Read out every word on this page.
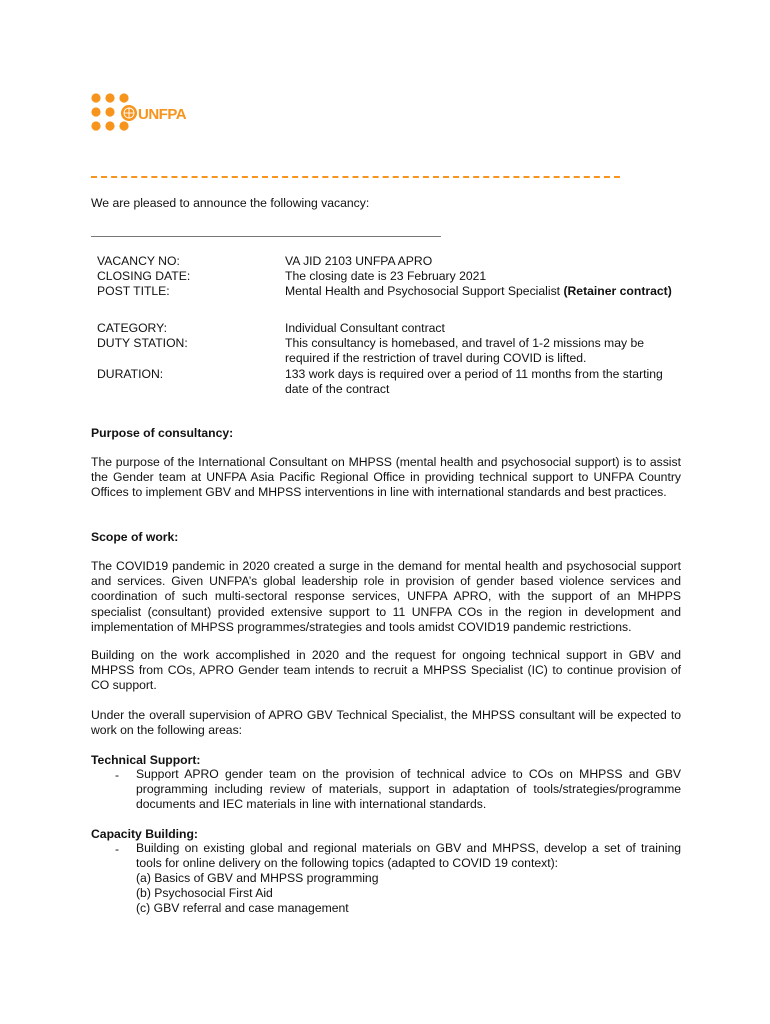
UNFPA
We are pleased to announce the following vacancy:
VACANCY NO:	VA JID 2103 UNFPA APRO
CLOSING DATE:	The closing date is 23 February 2021
POST TITLE:	Mental Health and Psychosocial Support Specialist (Retainer contract)
CATEGORY:	Individual Consultant contract
DUTY STATION:	This consultancy is homebased, and travel of 1-2 missions may be required if the restriction of travel during COVID is lifted.
DURATION:	133 work days is required over a period of 11 months from the starting date of the contract
Purpose of consultancy:
The purpose of the International Consultant on MHPSS (mental health and psychosocial support) is to assist the Gender team at UNFPA Asia Pacific Regional Office in providing technical support to UNFPA Country Offices to implement GBV and MHPSS interventions in line with international standards and best practices.
Scope of work:
The COVID19 pandemic in 2020 created a surge in the demand for mental health and psychosocial support and services. Given UNFPA’s global leadership role in provision of gender based violence services and coordination of such multi-sectoral response services, UNFPA APRO, with the support of an MHPPS specialist (consultant) provided extensive support to 11 UNFPA COs in the region in development and implementation of MHPSS programmes/strategies and tools amidst COVID19 pandemic restrictions.
Building on the work accomplished in 2020 and the request for ongoing technical support in GBV and MHPSS from COs, APRO Gender team intends to recruit a MHPSS Specialist (IC) to continue provision of CO support.
Under the overall supervision of APRO GBV Technical Specialist, the MHPSS consultant will be expected to work on the following areas:
Technical Support:
- Support APRO gender team on the provision of technical advice to COs on MHPSS and GBV programming including review of materials, support in adaptation of tools/strategies/programme documents and IEC materials in line with international standards.
Capacity Building:
- Building on existing global and regional materials on GBV and MHPSS, develop a set of training tools for online delivery on the following topics (adapted to COVID 19 context):
(a) Basics of GBV and MHPSS programming
(b) Psychosocial First Aid
(c) GBV referral and case management
